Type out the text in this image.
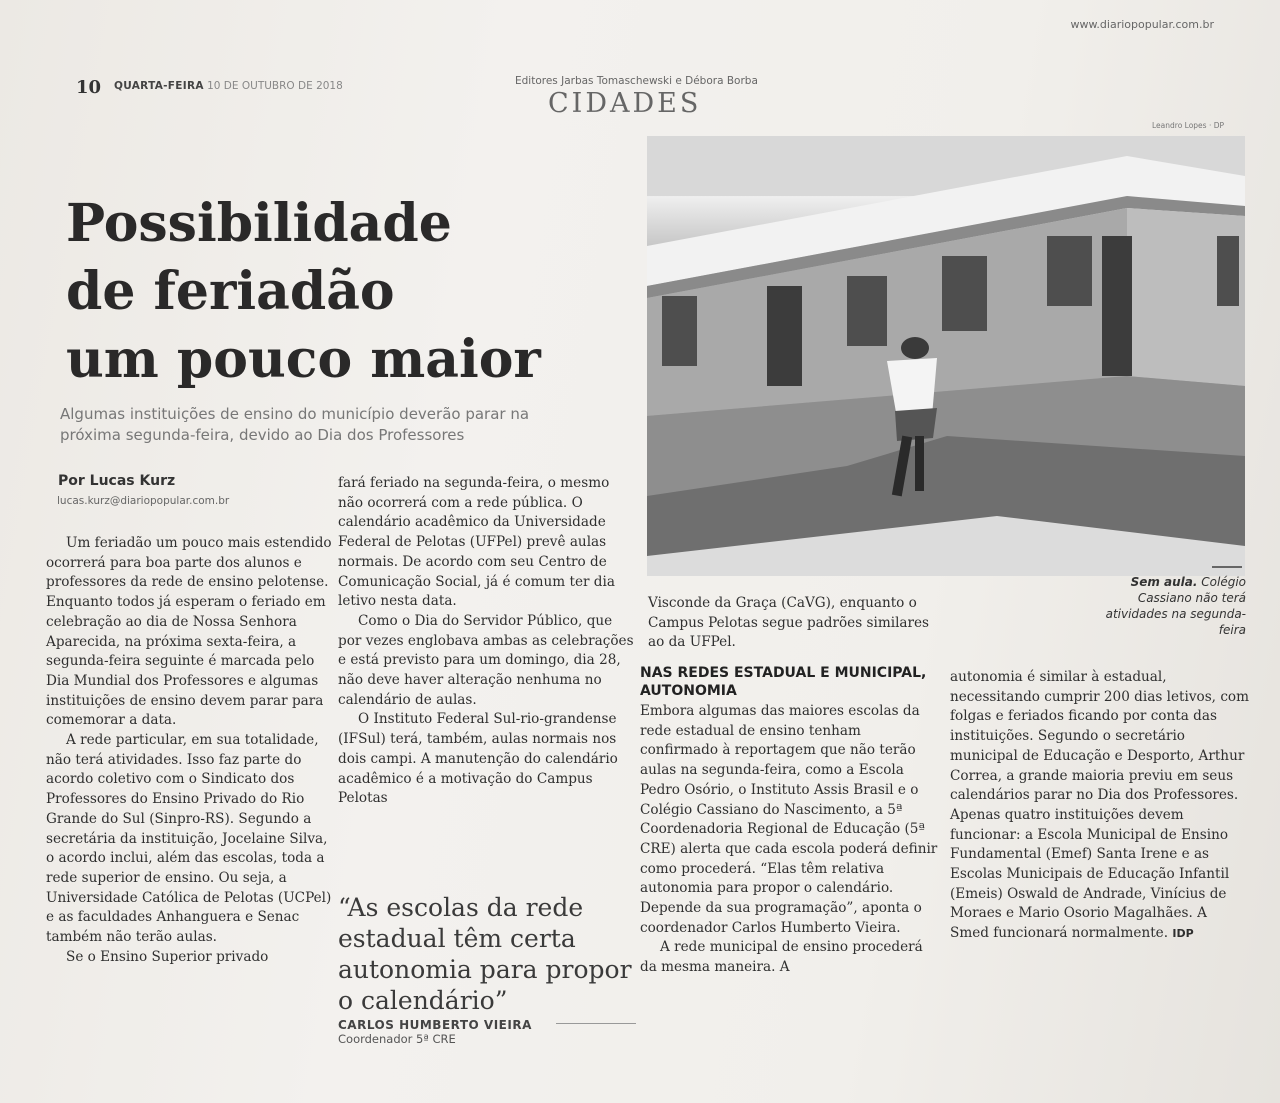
www.diariopopular.com.br
10 QUARTA-FEIRA 10 DE OUTUBRO DE 2018	Editores Jarbas Tomaschewski e Débora Borba
CIDADES
Leandro Lopes · DP
Possibilidade
de feriadão
um pouco maior
Algumas instituições de ensino do município deverão parar na próxima segunda-feira, devido ao Dia dos Professores
Por Lucas Kurz
lucas.kurz@diariopopular.com.br

Um feriadão um pouco mais estendido ocorrerá para boa parte dos alunos e professores da rede de ensino pelotense. Enquanto todos já esperam o feriado em celebração ao dia de Nossa Senhora Aparecida, na próxima sexta-feira, a segunda-feira seguinte é marcada pelo Dia Mundial dos Professores e algumas instituições de ensino devem parar para comemorar a data.

A rede particular, em sua totalidade, não terá atividades. Isso faz parte do acordo coletivo com o Sindicato dos Professores do Ensino Privado do Rio Grande do Sul (Sinpro-RS). Segundo a secretária da instituição, Jocelaine Silva, o acordo inclui, além das escolas, toda a rede superior de ensino. Ou seja, a Universidade Católica de Pelotas (UCPel) e as faculdades Anhanguera e Senac também não terão aulas.

Se o Ensino Superior privado

fará feriado na segunda-feira, o mesmo não ocorrerá com a rede pública. O calendário acadêmico da Universidade Federal de Pelotas (UFPel) prevê aulas normais. De acordo com seu Centro de Comunicação Social, já é comum ter dia letivo nesta data.

Como o Dia do Servidor Público, que por vezes englobava ambas as celebrações e está previsto para um domingo, dia 28, não deve haver alteração nenhuma no calendário de aulas.

O Instituto Federal Sul-rio-grandense (IFSul) terá, também, aulas normais nos dois campi. A manutenção do calendário acadêmico é a motivação do Campus Pelotas

“As escolas da rede estadual têm certa autonomia para propor o calendário”
CARLOS HUMBERTO VIEIRA
Coordenador 5ª CRE
Sem aula. Colégio Cassiano não terá atividades na segunda-feira
Visconde da Graça (CaVG), enquanto o Campus Pelotas segue padrões similares ao da UFPel.
NAS REDES ESTADUAL E MUNICIPAL, AUTONOMIA

Embora algumas das maiores escolas da rede estadual de ensino tenham confirmado à reportagem que não terão aulas na segunda-feira, como a Escola Pedro Osório, o Instituto Assis Brasil e o Colégio Cassiano do Nascimento, a 5ª Coordenadoria Regional de Educação (5ª CRE) alerta que cada escola poderá definir como procederá. “Elas têm relativa autonomia para propor o calendário. Depende da sua programação”, aponta o coordenador Carlos Humberto Vieira.

A rede municipal de ensino procederá da mesma maneira. A

autonomia é similar à estadual, necessitando cumprir 200 dias letivos, com folgas e feriados ficando por conta das instituições. Segundo o secretário municipal de Educação e Desporto, Arthur Correa, a grande maioria previu em seus calendários parar no Dia dos Professores. Apenas quatro instituições devem funcionar: a Escola Municipal de Ensino Fundamental (Emef) Santa Irene e as Escolas Municipais de Educação Infantil (Emeis) Oswald de Andrade, Vinícius de Moraes e Mario Osorio Magalhães. A Smed funcionará normalmente. IDP
